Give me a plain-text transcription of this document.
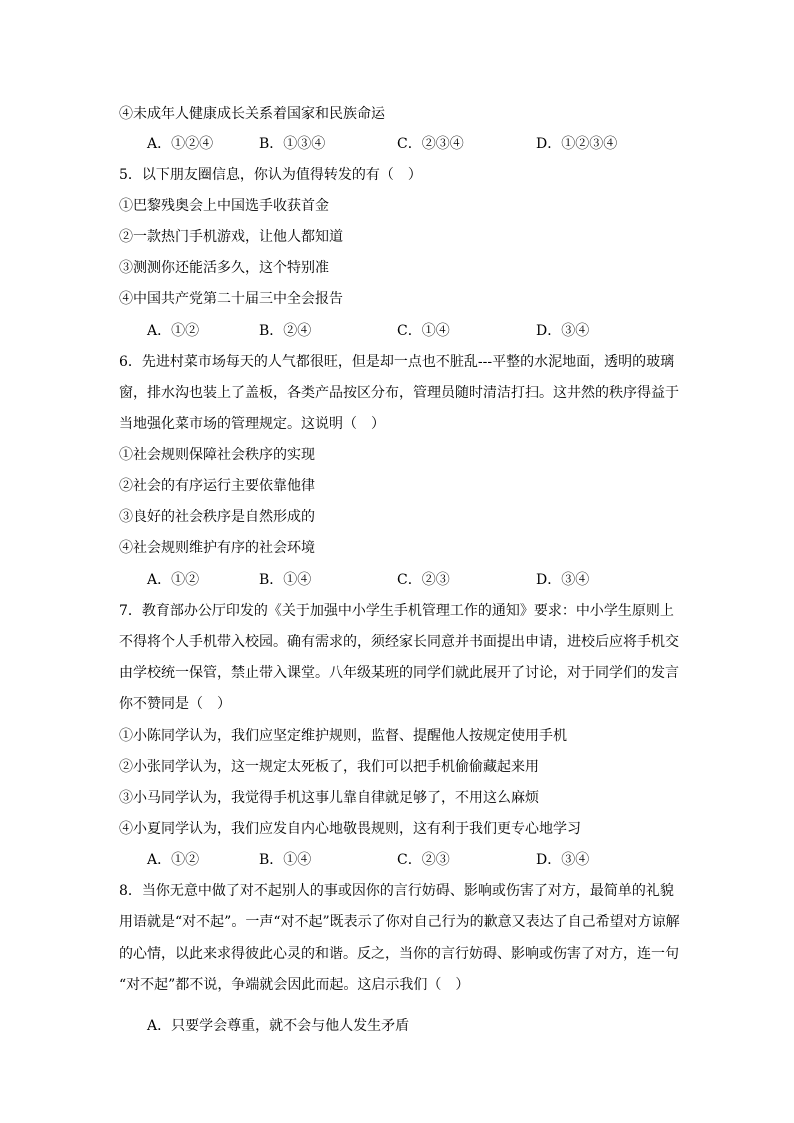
④未成年人健康成长关系着国家和民族命运
A．①②④	B．①③④	C．②③④	D．①②③④
5．以下朋友圈信息，你认为值得转发的有（　）
①巴黎残奥会上中国选手收获首金
②一款热门手机游戏，让他人都知道
③测测你还能活多久，这个特别准
④中国共产党第二十届三中全会报告
A．①②	B．②④	C．①④	D．③④
6．先进村菜市场每天的人气都很旺，但是却一点也不脏乱---平整的水泥地面，透明的玻璃
窗，排水沟也装上了盖板，各类产品按区分布，管理员随时清洁打扫。这井然的秩序得益于
当地强化菜市场的管理规定。这说明（　）
①社会规则保障社会秩序的实现
②社会的有序运行主要依靠他律
③良好的社会秩序是自然形成的
④社会规则维护有序的社会环境
A．①②	B．①④	C．②③	D．③④
7．教育部办公厅印发的《关于加强中小学生手机管理工作的通知》要求：中小学生原则上
不得将个人手机带入校园。确有需求的，须经家长同意并书面提出申请，进校后应将手机交
由学校统一保管，禁止带入课堂。八年级某班的同学们就此展开了讨论，对于同学们的发言
你不赞同是（　）
①小陈同学认为，我们应坚定维护规则，监督、提醒他人按规定使用手机
②小张同学认为，这一规定太死板了，我们可以把手机偷偷藏起来用
③小马同学认为，我觉得手机这事儿靠自律就足够了，不用这么麻烦
④小夏同学认为，我们应发自内心地敬畏规则，这有利于我们更专心地学习
A．①②	B．①④	C．②③	D．③④
8．当你无意中做了对不起别人的事或因你的言行妨碍、影响或伤害了对方，最简单的礼貌
用语就是“对不起”。一声“对不起”既表示了你对自己行为的歉意又表达了自己希望对方谅解
的心情，以此来求得彼此心灵的和谐。反之，当你的言行妨碍、影响或伤害了对方，连一句
“对不起”都不说，争端就会因此而起。这启示我们（　）
A．只要学会尊重，就不会与他人发生矛盾
